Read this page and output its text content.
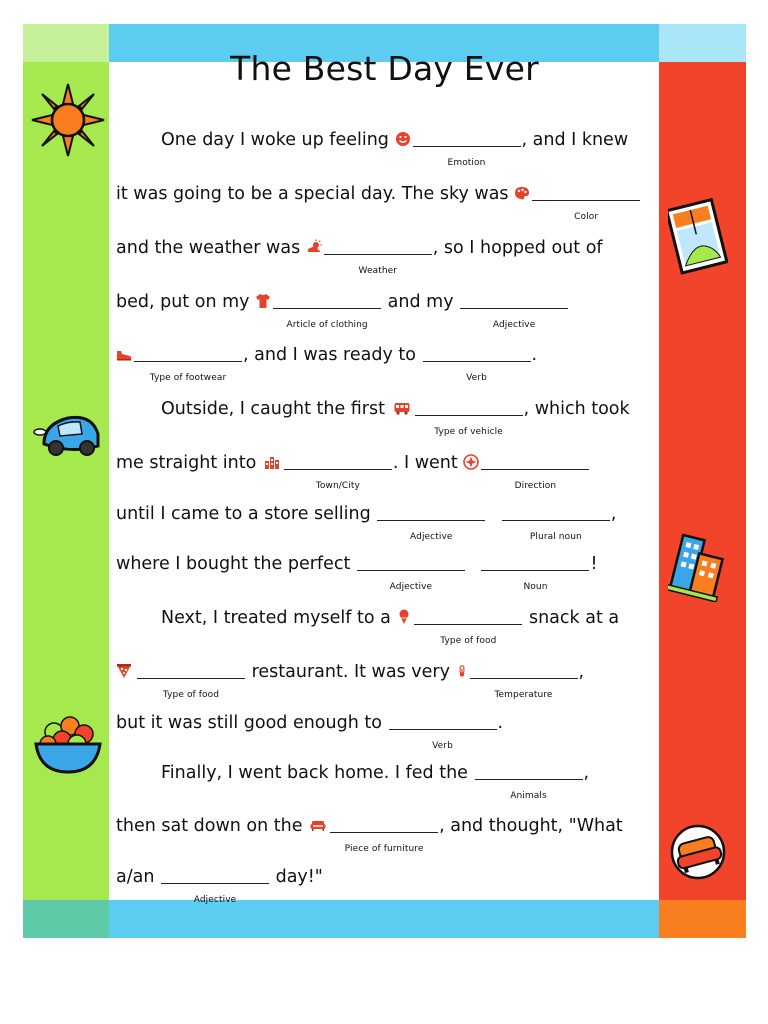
The Best Day Ever
One day I woke up feeling
Emotion
, and I knew
it was going to be a special day. The sky was
Color
and the weather was
Weather
, so I hopped out of
bed, put on my
Article of clothing
and my
Adjective
Type of footwear
, and I was ready to
Verb
.
Outside, I caught the first
Type of vehicle
, which took
me straight into
Town/City
. I went
Direction
until I came to a store selling
Adjective
	Plural noun
,
where I bought the perfect
Adjective
	Noun
!
Next, I treated myself to a
Type of food
snack at a
Type of food
restaurant. It was very
Temperature
,
but it was still good enough to
Verb
.
Finally, I went back home. I fed the
Animals
,
then sat down on the
Piece of furniture
, and thought, "What
a/an
Adjective
day!"
